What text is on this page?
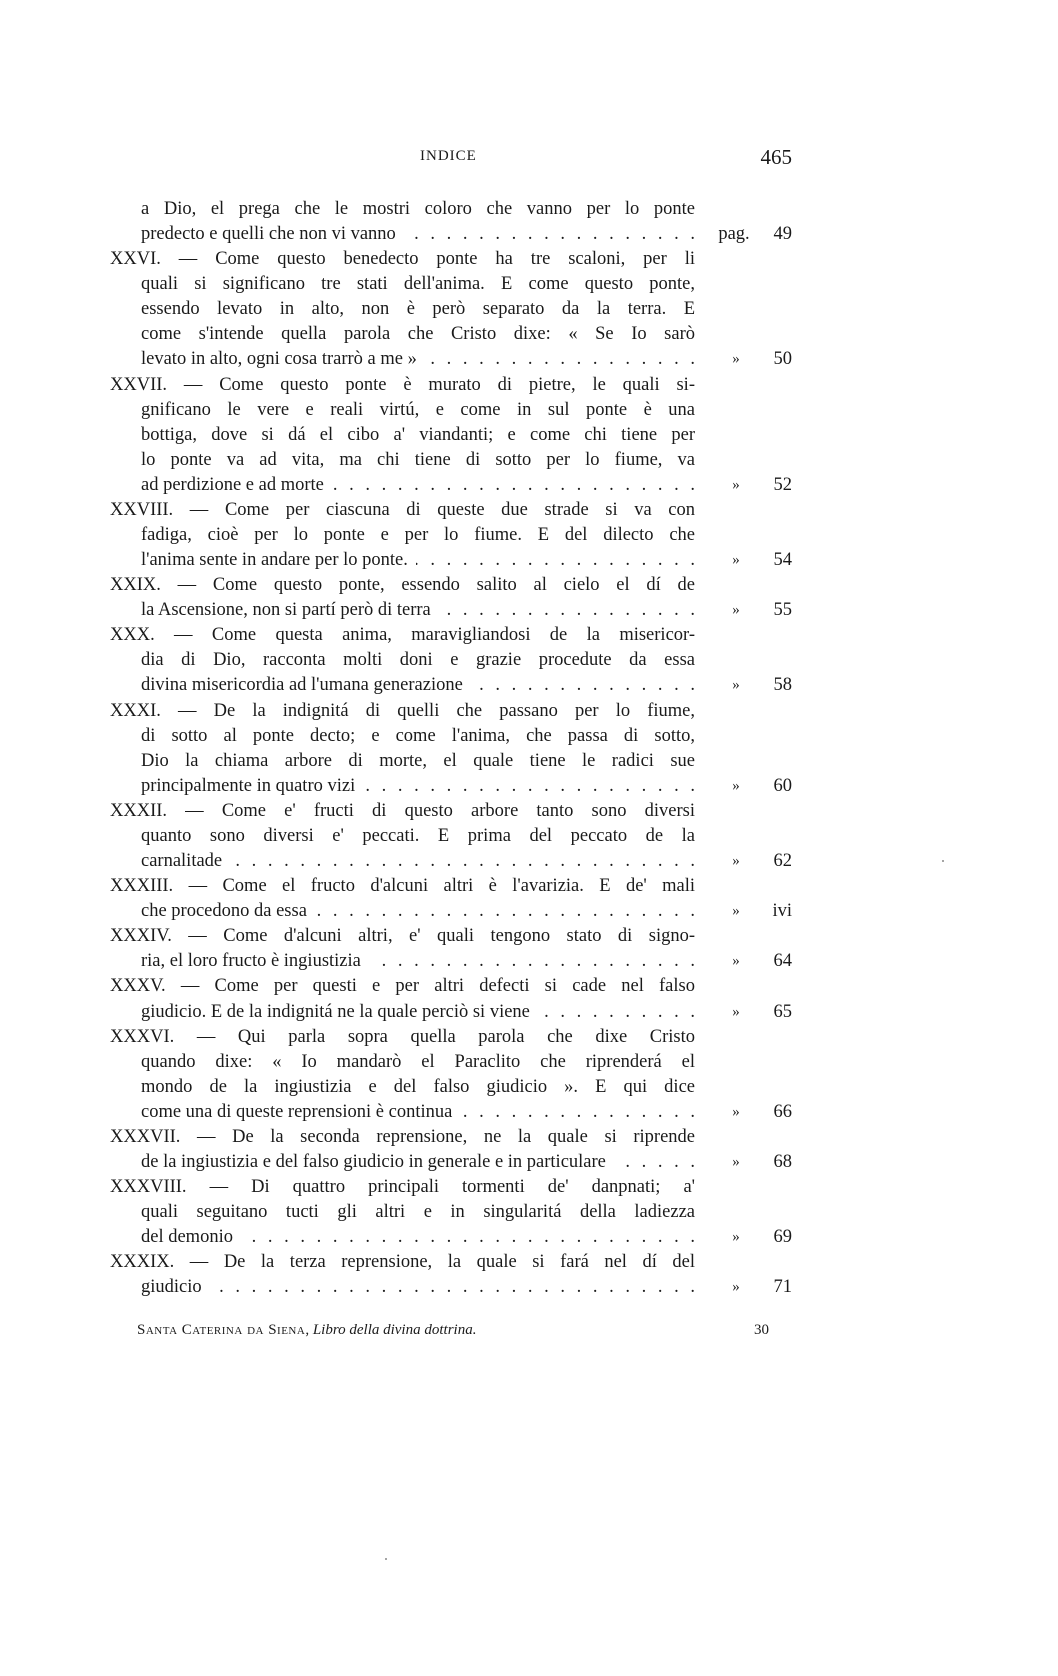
INDICE	465
a Dio, el prega che le mostri coloro che vanno per lo ponte
predecto e quelli che non vi vanno . . .	pag.	49
XXVI. — Come questo benedecto ponte ha tre scaloni, per li
quali si significano tre stati dell'anima. E come questo ponte,
essendo levato in alto, non è però separato da la terra. E
come s'intende quella parola che Cristo dixe: « Se Io sarò
levato in alto, ogni cosa trarrò a me » . . .	»	50
XXVII. — Come questo ponte è murato di pietre, le quali si-
gnificano le vere e reali virtú, e come in sul ponte è una
bottiga, dove si dá el cibo a' viandanti; e come chi tiene per
lo ponte va ad vita, ma chi tiene di sotto per lo fiume, va
ad perdizione e ad morte . . .	»	52
XXVIII. — Come per ciascuna di queste due strade si va con
fadiga, cioè per lo ponte e per lo fiume. E del dilecto che
l'anima sente in andare per lo ponte. . . .	»	54
XXIX. — Come questo ponte, essendo salito al cielo el dí de
la Ascensione, non si partí però di terra . . .	»	55
XXX. — Come questa anima, maravigliandosi de la misericor-
dia di Dio, racconta molti doni e grazie procedute da essa
divina misericordia ad l'umana generazione . . .	»	58
XXXI. — De la indignitá di quelli che passano per lo fiume,
di sotto al ponte decto; e come l'anima, che passa di sotto,
Dio la chiama arbore di morte, el quale tiene le radici sue
principalmente in quatro vizi . . .	»	60
XXXII. — Come e' fructi di questo arbore tanto sono diversi
quanto sono diversi e' peccati. E prima del peccato de la
carnalitade . . .	»	62
XXXIII. — Come el fructo d'alcuni altri è l'avarizia. E de' mali
che procedono da essa . . .	»	ivi
XXXIV. — Come d'alcuni altri, e' quali tengono stato di signo-
ria, el loro fructo è ingiustizia . . .	»	64
XXXV. — Come per questi e per altri defecti si cade nel falso
giudicio. E de la indignitá ne la quale perciò si viene . . .	»	65
XXXVI. — Qui parla sopra quella parola che dixe Cristo
quando dixe: « Io mandarò el Paraclito che riprenderá el
mondo de la ingiustizia e del falso giudicio ». E qui dice
come una di queste reprensioni è continua . . .	»	66
XXXVII. — De la seconda reprensione, ne la quale si riprende
de la ingiustizia e del falso giudicio in generale e in particulare . . .	»	68
XXXVIII. — Di quattro principali tormenti de' danpnati; a'
quali seguitano tucti gli altri e in singularitá della ladiezza
del demonio . . .	»	69
XXXIX. — De la terza reprensione, la quale si fará nel dí del
giudicio . . .	»	71
Santa Caterina da Siena, Libro della divina dottrina.	30
